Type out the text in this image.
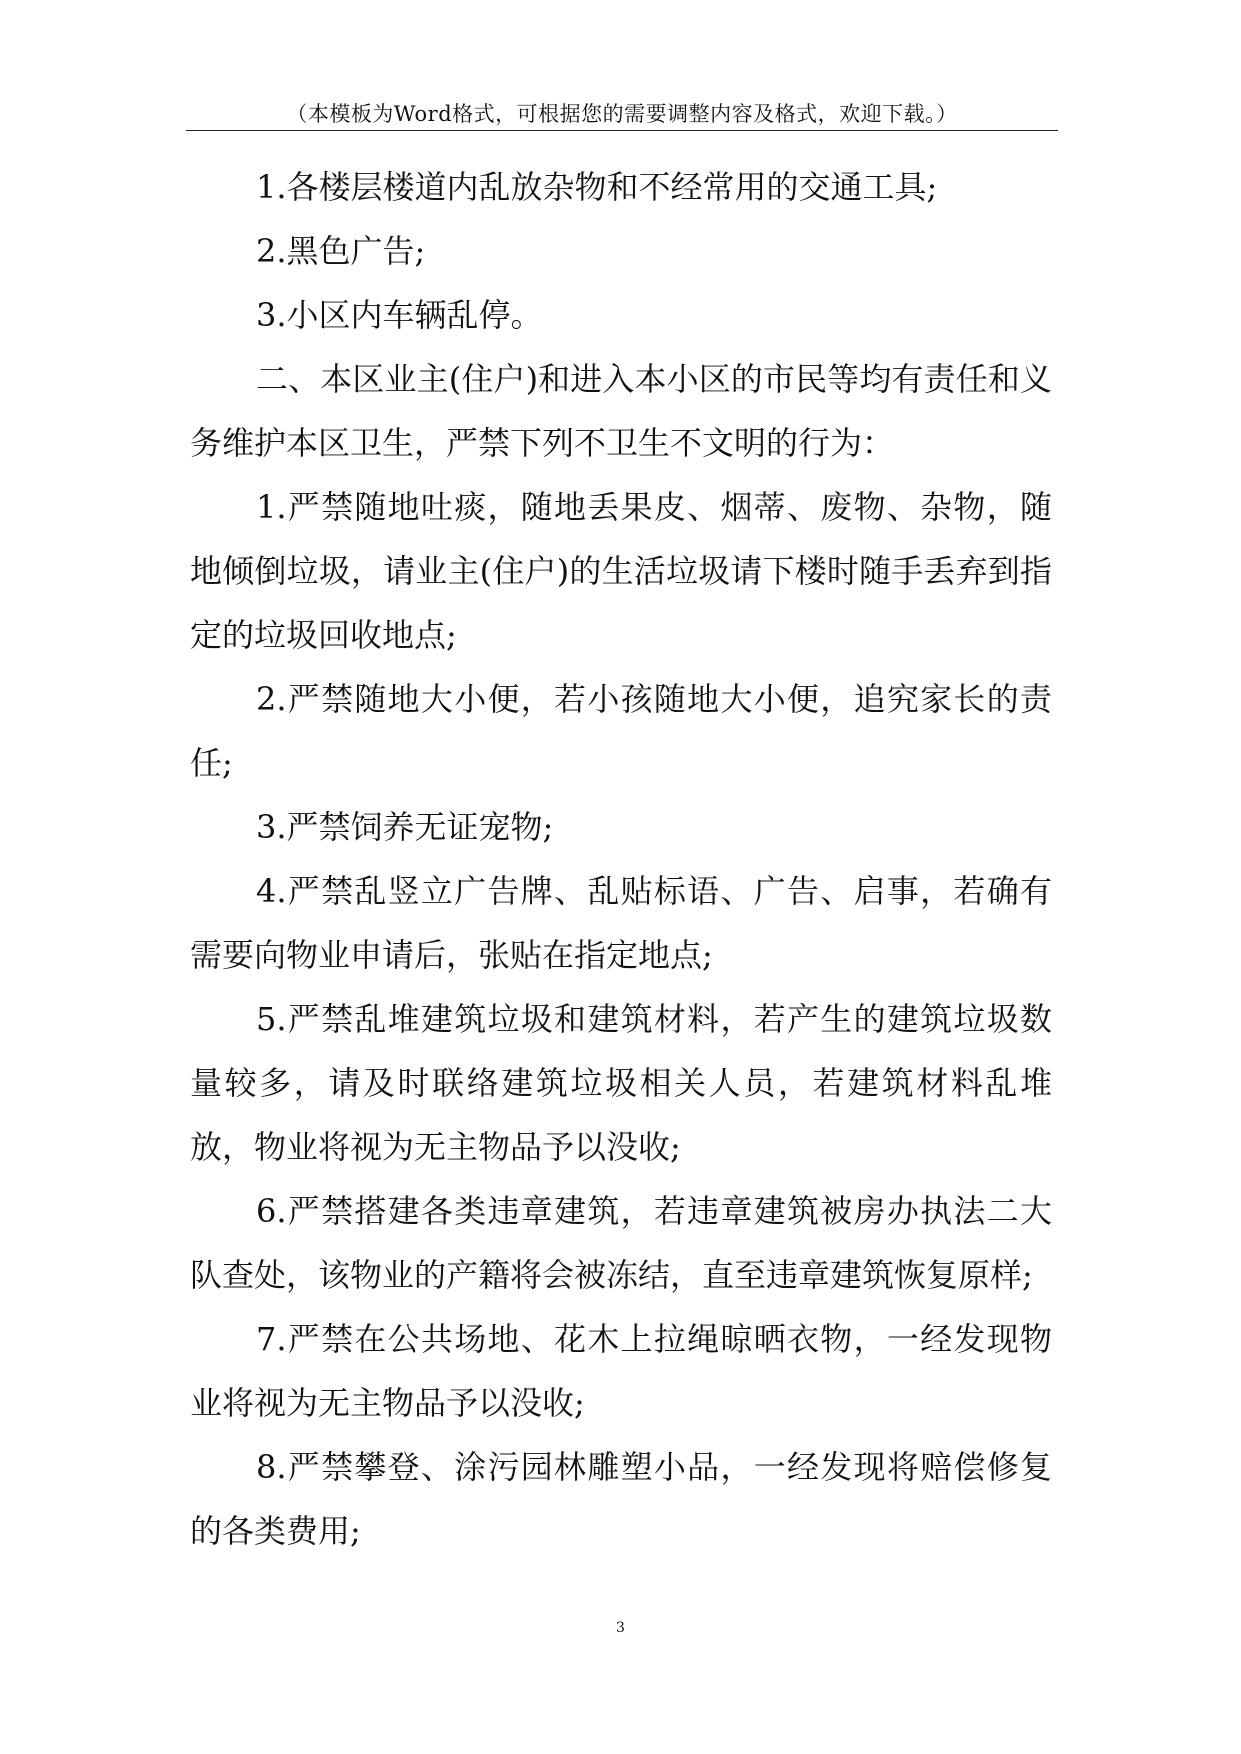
（本模板为Word格式，可根据您的需要调整内容及格式，欢迎下载。）

1.各楼层楼道内乱放杂物和不经常用的交通工具;

2.黑色广告;

3.小区内车辆乱停。

二、本区业主(住户)和进入本小区的市民等均有责任和义务维护本区卫生，严禁下列不卫生不文明的行为：

1.严禁随地吐痰，随地丢果皮、烟蒂、废物、杂物，随地倾倒垃圾，请业主(住户)的生活垃圾请下楼时随手丢弃到指定的垃圾回收地点;

2.严禁随地大小便，若小孩随地大小便，追究家长的责任;

3.严禁饲养无证宠物;

4.严禁乱竖立广告牌、乱贴标语、广告、启事，若确有需要向物业申请后，张贴在指定地点;

5.严禁乱堆建筑垃圾和建筑材料，若产生的建筑垃圾数量较多，请及时联络建筑垃圾相关人员，若建筑材料乱堆放，物业将视为无主物品予以没收;

6.严禁搭建各类违章建筑，若违章建筑被房办执法二大队查处，该物业的产籍将会被冻结，直至违章建筑恢复原样;

7.严禁在公共场地、花木上拉绳晾晒衣物，一经发现物业将视为无主物品予以没收;

8.严禁攀登、涂污园林雕塑小品，一经发现将赔偿修复的各类费用;

3
